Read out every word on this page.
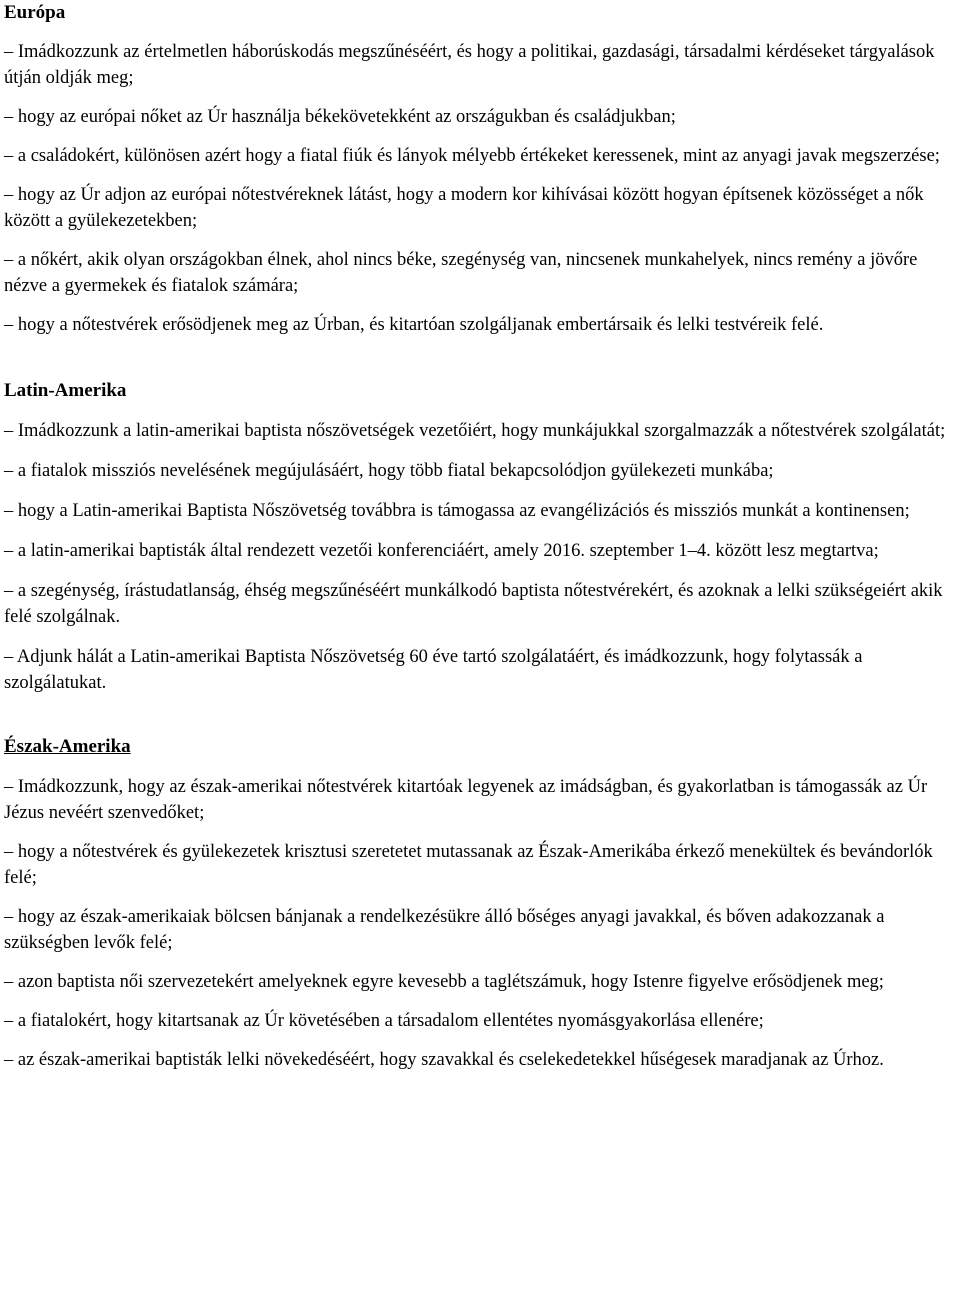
Európa

– Imádkozzunk az értelmetlen háborúskodás megszűnéséért, és hogy a politikai, gazdasági, társadalmi kérdéseket tárgyalások útján oldják meg;

– hogy az európai nőket az Úr használja békekövetekként az országukban és családjukban;

– a családokért, különösen azért hogy a fiatal fiúk és lányok mélyebb értékeket keressenek, mint az anyagi javak megszerzése;

– hogy az Úr adjon az európai nőtestvéreknek látást, hogy a modern kor kihívásai között hogyan építsenek közösséget a nők között a gyülekezetekben;

– a nőkért, akik olyan országokban élnek, ahol nincs béke, szegénység van, nincsenek munkahelyek, nincs remény a jövőre nézve a gyermekek és fiatalok számára;

– hogy a nőtestvérek erősödjenek meg az Úrban, és kitartóan szolgáljanak embertársaik és lelki testvéreik felé.

Latin-Amerika

– Imádkozzunk a latin-amerikai baptista nőszövetségek vezetőiért, hogy munkájukkal szorgalmazzák a nőtestvérek szolgálatát;

– a fiatalok missziós nevelésének megújulásáért, hogy több fiatal bekapcsolódjon gyülekezeti munkába;

– hogy a Latin-amerikai Baptista Nőszövetség továbbra is támogassa az evangélizációs és missziós munkát a kontinensen;

– a latin-amerikai baptisták által rendezett vezetői konferenciáért, amely 2016. szeptember 1–4. között lesz megtartva;

– a szegénység, írástudatlanság, éhség megszűnéséért munkálkodó baptista nőtestvérekért, és azoknak a lelki szükségeiért akik felé szolgálnak.

– Adjunk hálát a Latin-amerikai Baptista Nőszövetség 60 éve tartó szolgálatáért, és imádkozzunk, hogy folytassák a szolgálatukat.

Észak-Amerika

– Imádkozzunk, hogy az észak-amerikai nőtestvérek kitartóak legyenek az imádságban, és gyakorlatban is támogassák az Úr Jézus nevéért szenvedőket;

– hogy a nőtestvérek és gyülekezetek krisztusi szeretetet mutassanak az Észak-Amerikába érkező menekültek és bevándorlók felé;

– hogy az észak-amerikaiak bölcsen bánjanak a rendelkezésükre álló bőséges anyagi javakkal, és bőven adakozzanak a szükségben levők felé;

– azon baptista női szervezetekért amelyeknek egyre kevesebb a taglétszámuk, hogy Istenre figyelve erősödjenek meg;

– a fiatalokért, hogy kitartsanak az Úr követésében a társadalom ellentétes nyomásgyakorlása ellenére;

– az észak-amerikai baptisták lelki növekedéséért, hogy szavakkal és cselekedetekkel hűségesek maradjanak az Úrhoz.
